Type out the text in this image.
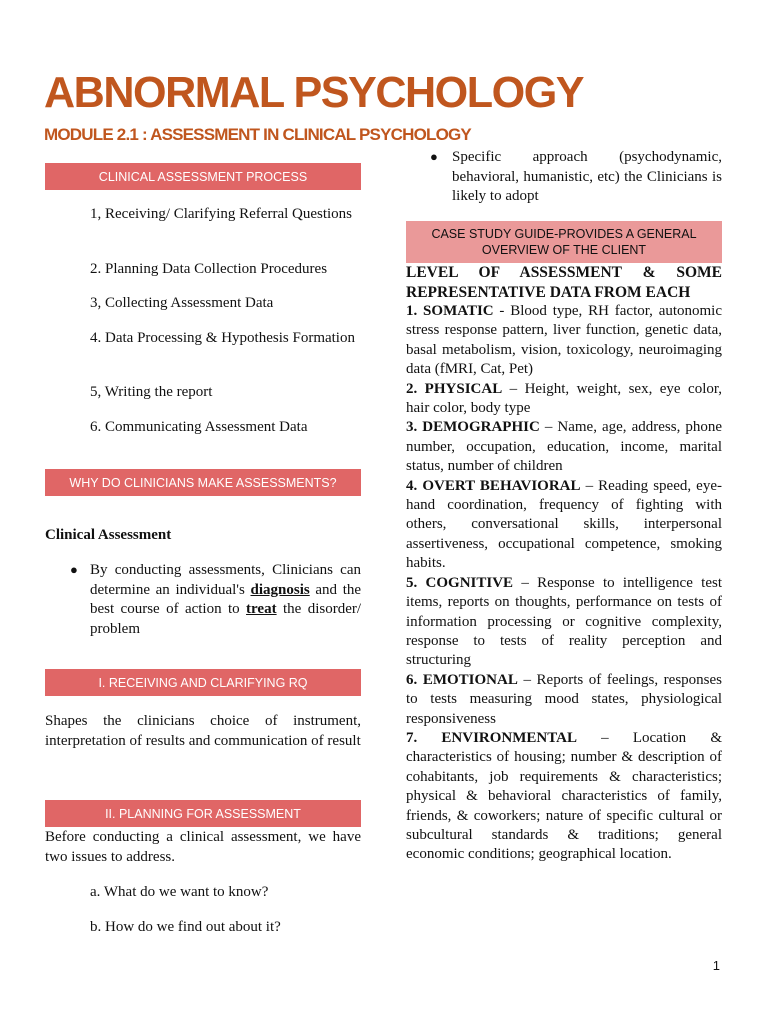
ABNORMAL PSYCHOLOGY
MODULE 2.1 : ASSESSMENT IN CLINICAL PSYCHOLOGY
CLINICAL ASSESSMENT PROCESS

1, Receiving/ Clarifying Referral Questions

2. Planning Data Collection Procedures

3, Collecting Assessment Data

4. Data Processing & Hypothesis Formation

5, Writing the report

6. Communicating Assessment Data

WHY DO CLINICIANS MAKE ASSESSMENTS?

Clinical Assessment

● By conducting assessments, Clinicians can determine an individual's diagnosis and the best course of action to treat the disorder/ problem
I. RECEIVING AND CLARIFYING RQ

Shapes the clinicians choice of instrument, interpretation of results and communication of result

II. PLANNING FOR ASSESSMENT

Before conducting a clinical assessment, we have two issues to address.

a. What do we want to know?

b. How do we find out about it?

● Specific approach (psychodynamic, behavioral, humanistic, etc) the Clinicians is likely to adopt

CASE STUDY GUIDE-PROVIDES A GENERAL OVERVIEW OF THE CLIENT

LEVEL OF ASSESSMENT & SOME REPRESENTATIVE DATA FROM EACH

1. SOMATIC - Blood type, RH factor, autonomic stress response pattern, liver function, genetic data, basal metabolism, vision, toxicology, neuroimaging data (fMRI, Cat, Pet)

2. PHYSICAL – Height, weight, sex, eye color, hair color, body type

3. DEMOGRAPHIC – Name, age, address, phone number, occupation, education, income, marital status, number of children

4. OVERT BEHAVIORAL – Reading speed, eye-hand coordination, frequency of fighting with others, conversational skills, interpersonal assertiveness, occupational competence, smoking habits.

5. COGNITIVE – Response to intelligence test items, reports on thoughts, performance on tests of information processing or cognitive complexity, response to tests of reality perception and structuring

6. EMOTIONAL – Reports of feelings, responses to tests measuring mood states, physiological responsiveness

7. ENVIRONMENTAL – Location & characteristics of housing; number & description of cohabitants, job requirements & characteristics; physical & behavioral characteristics of family, friends, & coworkers; nature of specific cultural or subcultural standards & traditions; general economic conditions; geographical location.

1
